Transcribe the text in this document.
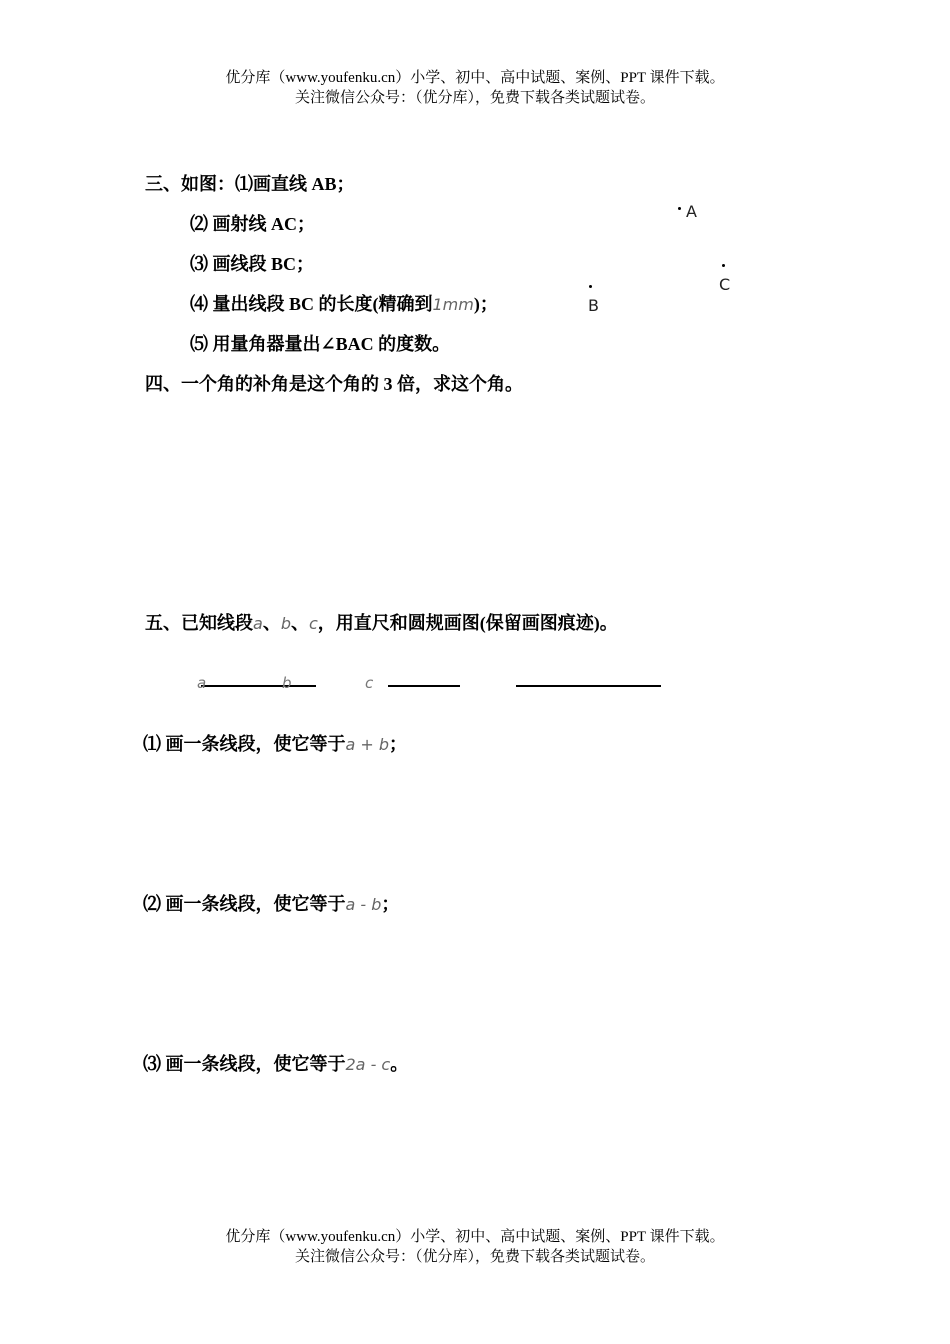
优分库（www.youfenku.cn）小学、初中、高中试题、案例、PPT 课件下载。
关注微信公众号：（优分库），免费下载各类试题试卷。
三、如图：⑴画直线 AB；
⑵ 画射线 AC；
⑶ 画线段 BC；
⑷ 量出线段 BC 的长度(精确到1mm)；
⑸ 用量角器量出∠BAC 的度数。
A
C
B
四、一个角的补角是这个角的 3 倍，求这个角。
五、已知线段a、b、c，用直尺和圆规画图(保留画图痕迹)。
a	b	c
⑴ 画一条线段，使它等于a + b；
⑵ 画一条线段，使它等于a - b；
⑶ 画一条线段，使它等于2a - c。
优分库（www.youfenku.cn）小学、初中、高中试题、案例、PPT 课件下载。
关注微信公众号：（优分库），免费下载各类试题试卷。
